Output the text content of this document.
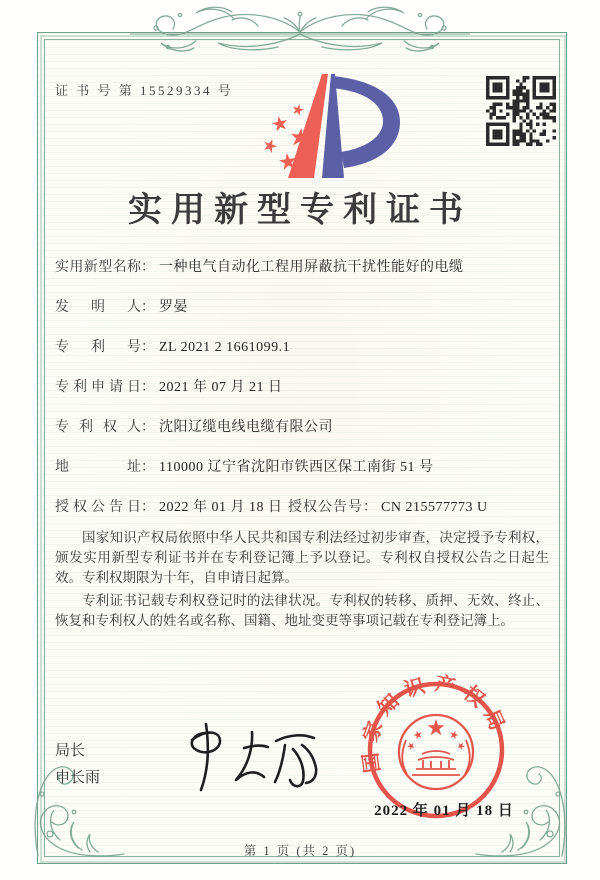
证 书 号 第 15529334 号
实用新型专利证书
实用新型名称： 一种电气自动化工程用屏蔽抗干扰性能好的电缆
发明人： 罗晏
专利号： ZL 2021 2 1661099.1
专利申请日： 2021 年 07 月 21 日
专利权人： 沈阳辽缆电线电缆有限公司
地址： 110000 辽宁省沈阳市铁西区保工南街 51 号
授权公告日： 2022 年 01 月 18 日 授权公告号： CN 215577773 U

国家知识产权局依照中华人民共和国专利法经过初步审查，决定授予专利权，颁发实用新型专利证书并在专利登记簿上予以登记。专利权自授权公告之日起生效。专利权期限为十年，自申请日起算。

专利证书记载专利权登记时的法律状况。专利权的转移、质押、无效、终止、恢复和专利权人的姓名或名称、国籍、地址变更等事项记载在专利登记簿上。

局长
申长雨
国家知识产权局
2022 年 01 月 18 日
第 1 页 (共 2 页)
